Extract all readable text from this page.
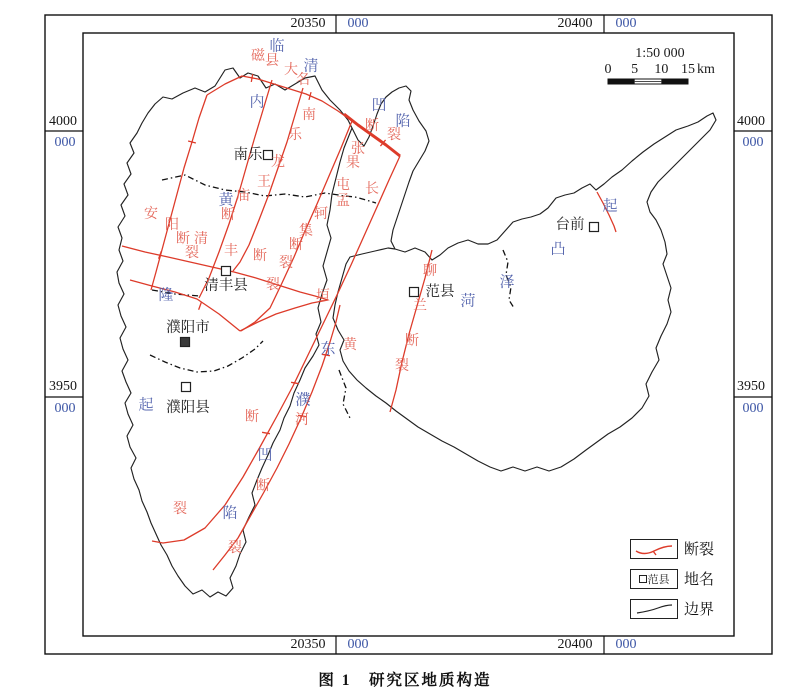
20350 000	20400 000
20350 000	20400 000
4000
000
3950
000
4000
000
3950
000
临
清
凹
陷
内
黄
隆
起
东
濮
凹
陷
菏
泽
凸
起
磁 县
大
名
断
裂
安
阳
断
裂
南
乐
龙
王
庙
断
清
丰 断
裂
张
果
屯 长
垣
断
裂
孟
轲
集
断
裂
黄
河
断
裂
聊
兰
断
裂
南乐
清丰县
濮阳市
濮阳县
范县
台前
1:50 000
0 5 10 15 km
断裂
范县 地名
边界
图 1　研究区地质构造
